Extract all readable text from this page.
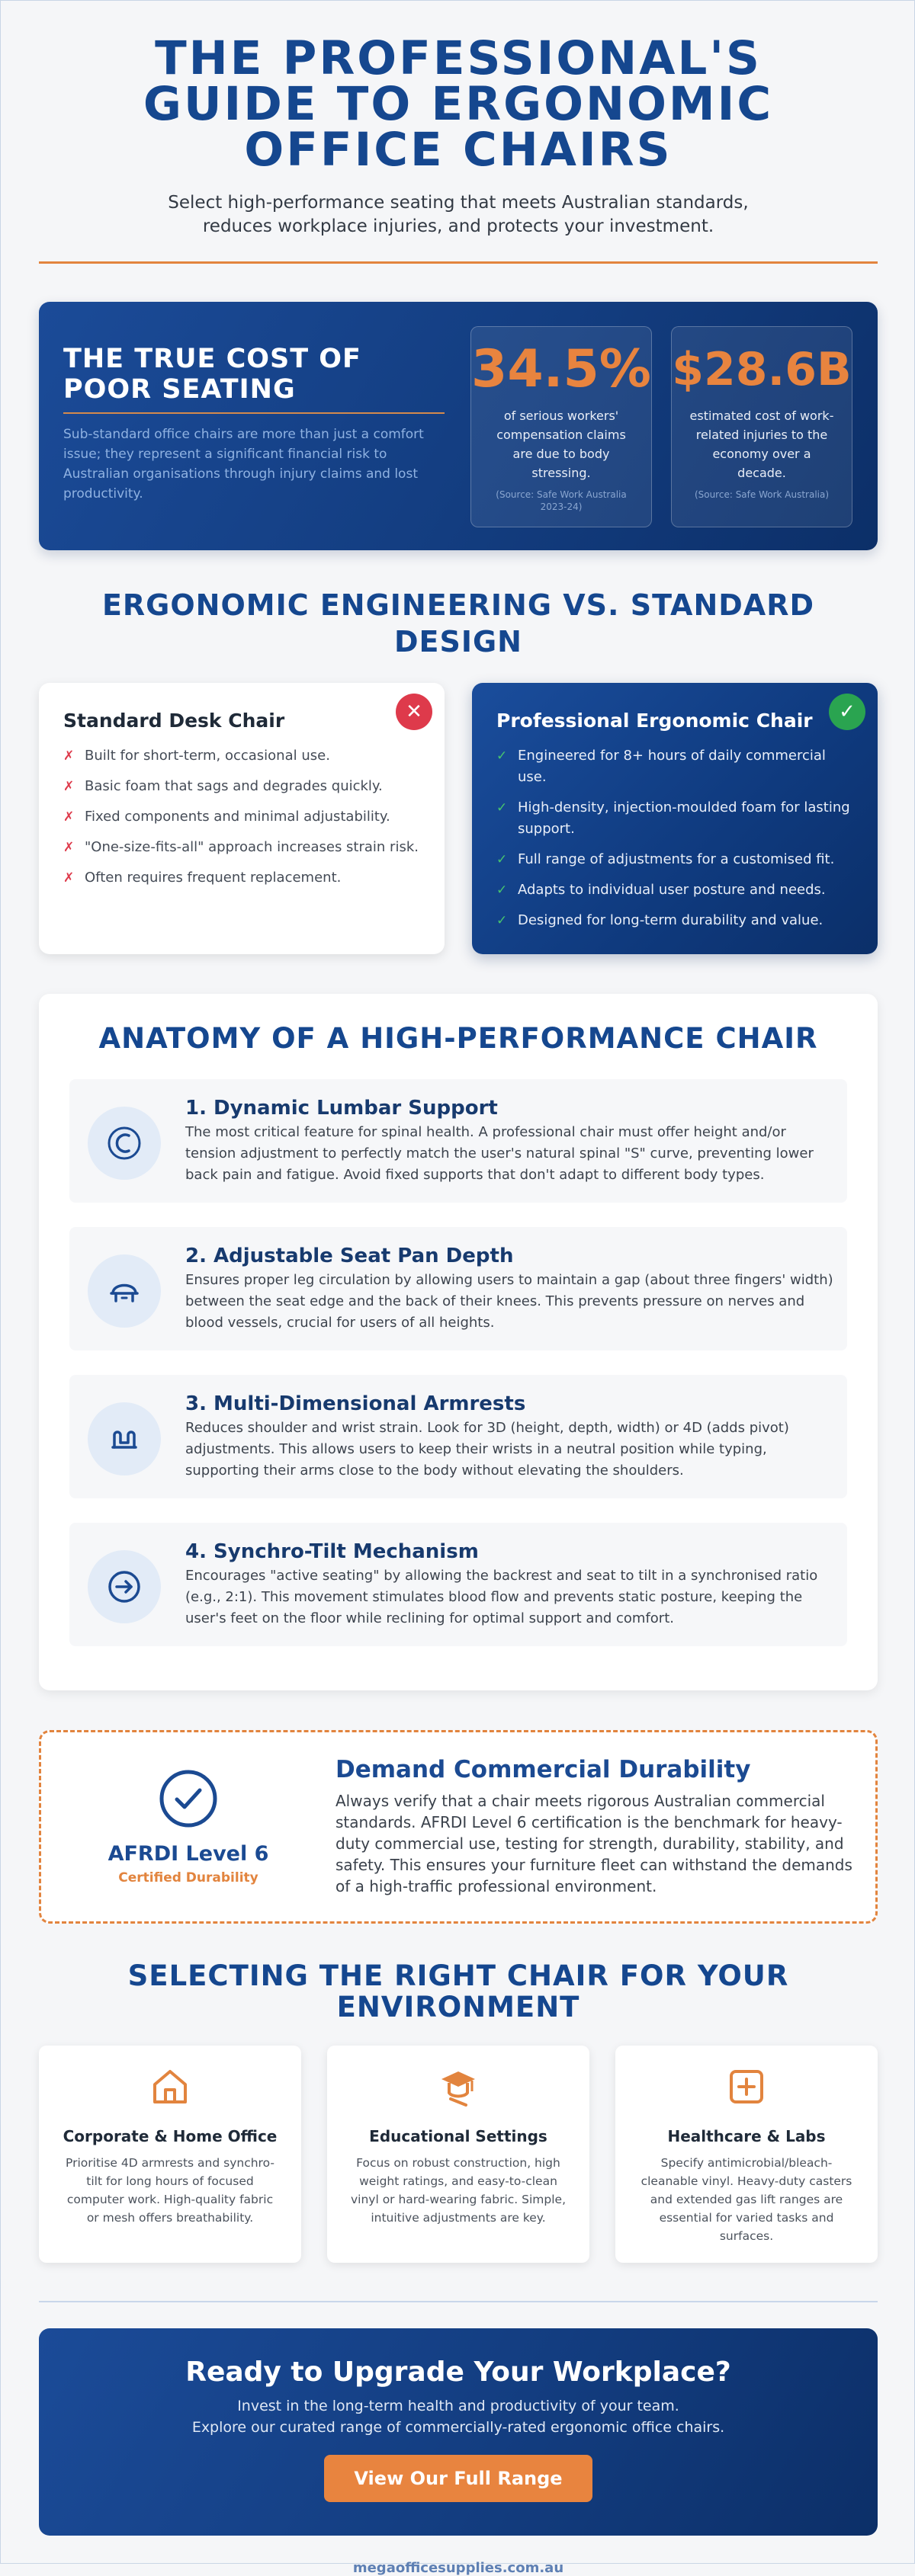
THE PROFESSIONAL'S GUIDE TO ERGONOMIC OFFICE CHAIRS

Select high-performance seating that meets Australian standards, reduces workplace injuries, and protects your investment.

THE TRUE COST OF POOR SEATING

Sub-standard office chairs are more than just a comfort issue; they represent a significant financial risk to Australian organisations through injury claims and lost productivity.

34.5%
of serious workers' compensation claims are due to body stressing.
(Source: Safe Work Australia 2023-24)
$28.6B
estimated cost of work-related injuries to the economy over a decade.
(Source: Safe Work Australia)
ERGONOMIC ENGINEERING VS. STANDARD DESIGN
✕
Standard Desk Chair
✗ Built for short-term, occasional use.
✗ Basic foam that sags and degrades quickly.
✗ Fixed components and minimal adjustability.
✗ "One-size-fits-all" approach increases strain risk.
✗ Often requires frequent replacement.
✓
Professional Ergonomic Chair
✓ Engineered for 8+ hours of daily commercial use.
✓ High-density, injection-moulded foam for lasting support.
✓ Full range of adjustments for a customised fit.
✓ Adapts to individual user posture and needs.
✓ Designed for long-term durability and value.
ANATOMY OF A HIGH-PERFORMANCE CHAIR
1. Dynamic Lumbar Support

The most critical feature for spinal health. A professional chair must offer height and/or tension adjustment to perfectly match the user's natural spinal "S" curve, preventing lower back pain and fatigue. Avoid fixed supports that don't adapt to different body types.

2. Adjustable Seat Pan Depth

Ensures proper leg circulation by allowing users to maintain a gap (about three fingers' width) between the seat edge and the back of their knees. This prevents pressure on nerves and blood vessels, crucial for users of all heights.

3. Multi-Dimensional Armrests

Reduces shoulder and wrist strain. Look for 3D (height, depth, width) or 4D (adds pivot) adjustments. This allows users to keep their wrists in a neutral position while typing, supporting their arms close to the body without elevating the shoulders.

4. Synchro-Tilt Mechanism

Encourages "active seating" by allowing the backrest and seat to tilt in a synchronised ratio (e.g., 2:1). This movement stimulates blood flow and prevents static posture, keeping the user's feet on the floor while reclining for optimal support and comfort.

AFRDI Level 6
Certified Durability
Demand Commercial Durability

Always verify that a chair meets rigorous Australian commercial standards. AFRDI Level 6 certification is the benchmark for heavy-duty commercial use, testing for strength, durability, stability, and safety. This ensures your furniture fleet can withstand the demands of a high-traffic professional environment.

SELECTING THE RIGHT CHAIR FOR YOUR ENVIRONMENT
Corporate & Home Office

Prioritise 4D armrests and synchro-tilt for long hours of focused computer work. High-quality fabric or mesh offers breathability.

Educational Settings

Focus on robust construction, high weight ratings, and easy-to-clean vinyl or hard-wearing fabric. Simple, intuitive adjustments are key.

Healthcare & Labs

Specify antimicrobial/bleach-cleanable vinyl. Heavy-duty casters and extended gas lift ranges are essential for varied tasks and surfaces.

Ready to Upgrade Your Workplace?

Invest in the long-term health and productivity of your team.
Explore our curated range of commercially-rated ergonomic office chairs.

View Our Full Range
megaofficesupplies.com.au
